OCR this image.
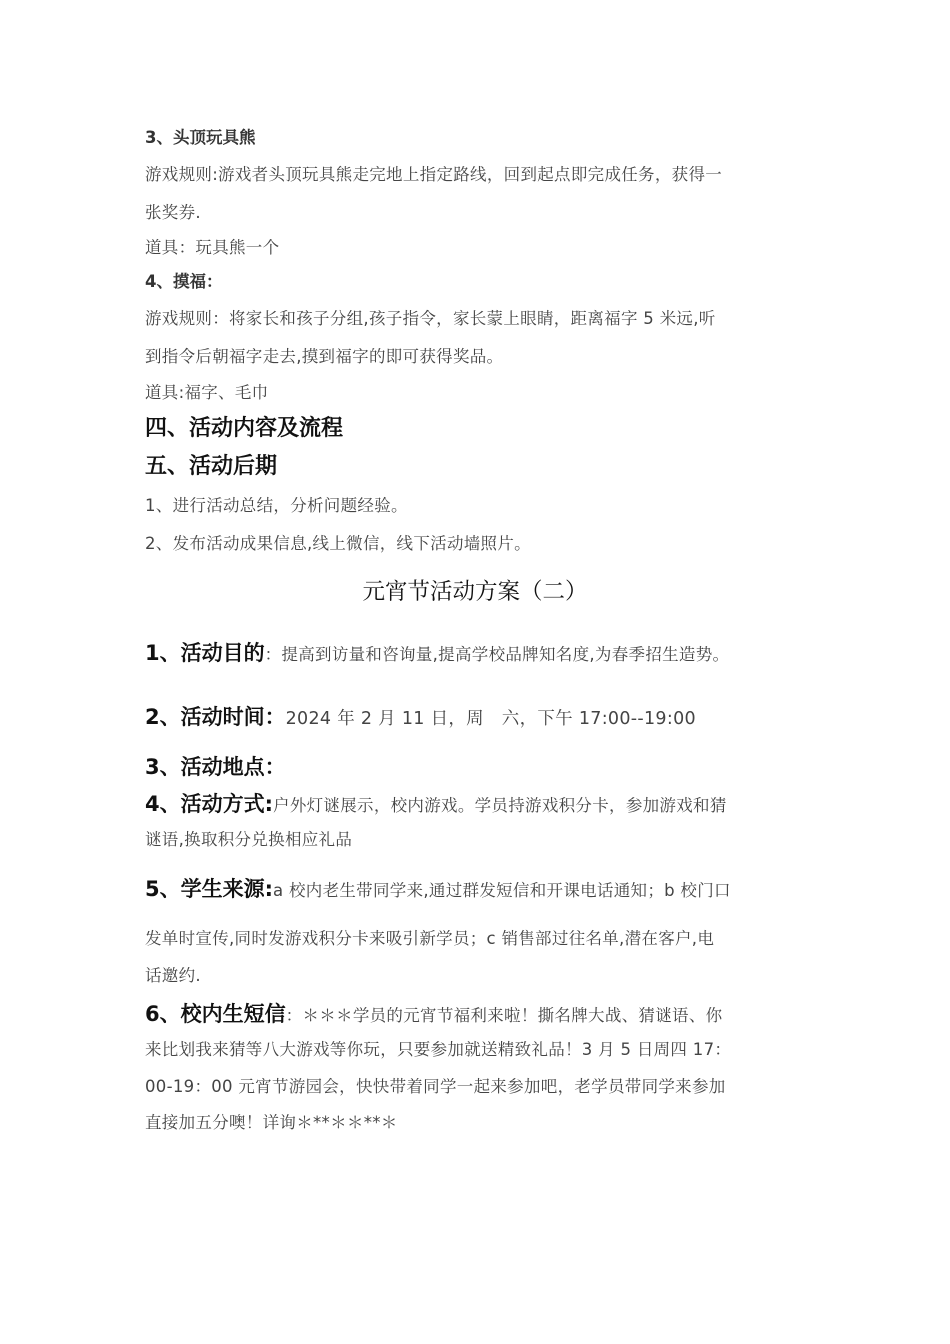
3、头顶玩具熊
游戏规则:游戏者头顶玩具熊走完地上指定路线，回到起点即完成任务，获得一
张奖券.
道具：玩具熊一个
4、摸福：
游戏规则：将家长和孩子分组,孩子指令，家长蒙上眼睛，距离福字 5 米远,听
到指令后朝福字走去,摸到福字的即可获得奖品。
道具:福字、毛巾
四、活动内容及流程
五、活动后期
1、进行活动总结，分析问题经验。
2、发布活动成果信息,线上微信，线下活动墙照片。
元宵节活动方案（二）
1、活动目的：提高到访量和咨询量,提高学校品牌知名度,为春季招生造势。
2、活动时间：2024 年 2 月 11 日，周　六，下午 17:00--19:00
3、活动地点：
4、活动方式:户外灯谜展示，校内游戏。学员持游戏积分卡，参加游戏和猜
谜语,换取积分兑换相应礼品
5、学生来源:a 校内老生带同学来,通过群发短信和开课电话通知；b 校门口
发单时宣传,同时发游戏积分卡来吸引新学员；c 销售部过往名单,潜在客户,电
话邀约.
6、校内生短信：＊＊＊学员的元宵节福利来啦！撕名牌大战、猜谜语、你
来比划我来猜等八大游戏等你玩，只要参加就送精致礼品！3 月 5 日周四 17：
00-19：00 元宵节游园会，快快带着同学一起来参加吧，老学员带同学来参加
直接加五分噢！详询＊**＊＊**＊
